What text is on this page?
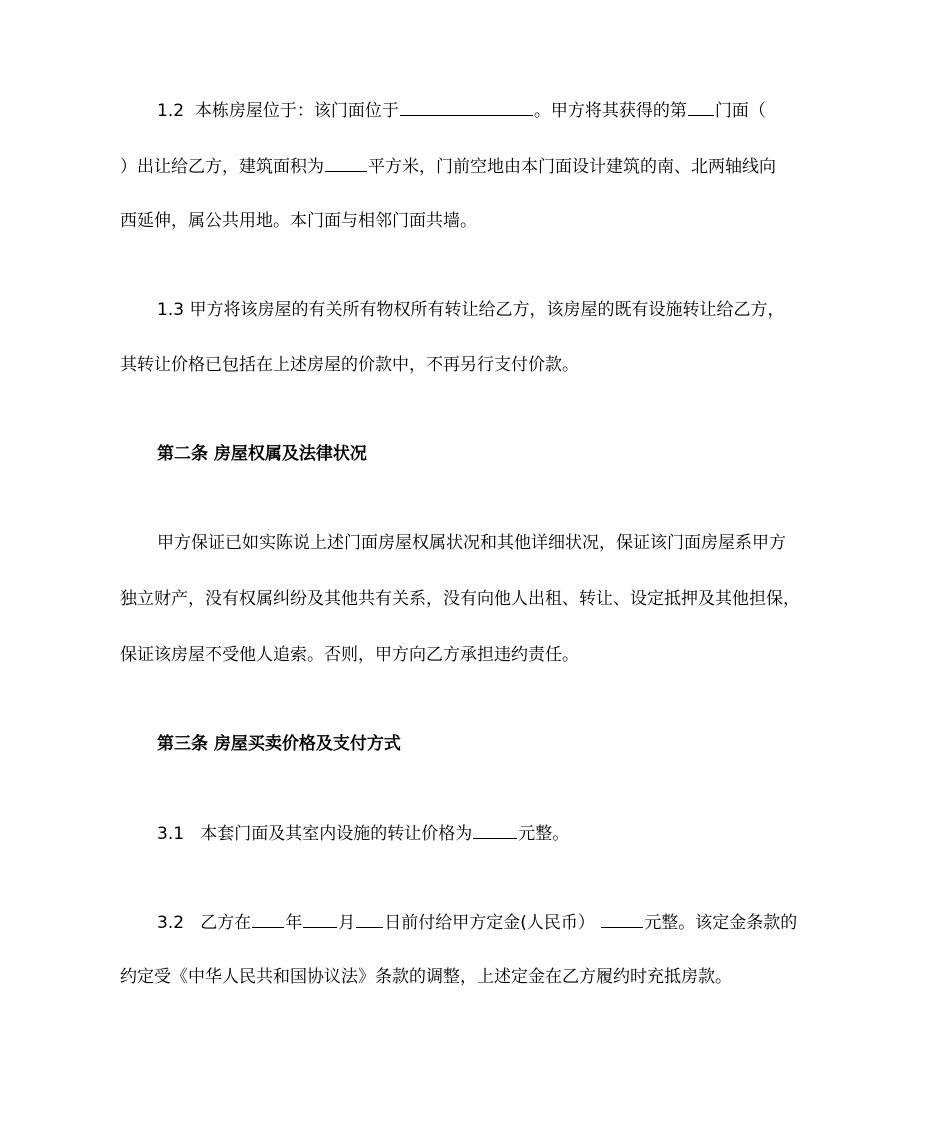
1.2 本栋房屋位于：该门面位于	。甲方将其获得的第 门面（
）出让给乙方，建筑面积为	平方米，门前空地由本门面设计建筑的南、北两轴线向
西延伸，属公共用地。本门面与相邻门面共墙。
1.3 甲方将该房屋的有关所有物权所有转让给乙方，该房屋的既有设施转让给乙方，
其转让价格已包括在上述房屋的价款中，不再另行支付价款。
第二条 房屋权属及法律状况
甲方保证已如实陈说上述门面房屋权属状况和其他详细状况，保证该门面房屋系甲方
独立财产，没有权属纠纷及其他共有关系，没有向他人出租、转让、设定抵押及其他担保，
保证该房屋不受他人追索。否则，甲方向乙方承担违约责任。
第三条 房屋买卖价格及支付方式
3.1 本套门面及其室内设施的转让价格为	元整。
3.2 乙方在 年 月 日前付给甲方定金(人民币）	元整。该定金条款的
约定受《中华人民共和国协议法》条款的调整，上述定金在乙方履约时充抵房款。
